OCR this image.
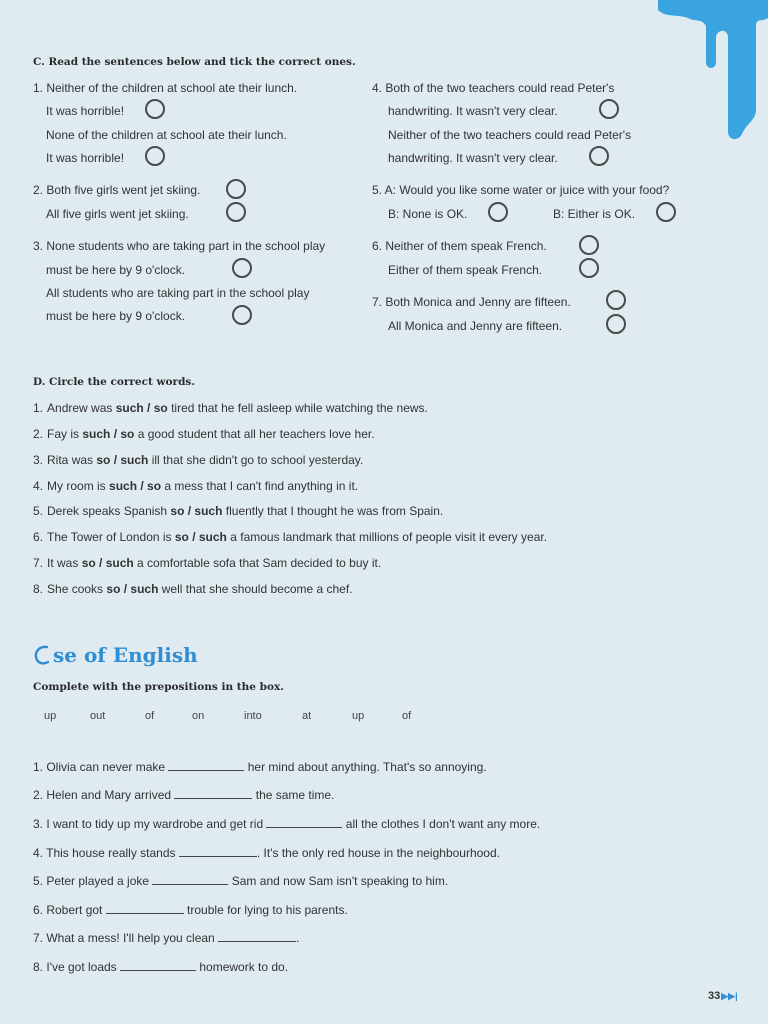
C. Read the sentences below and tick the correct ones.
1. Neither of the children at school ate their lunch.
It was horrible!
None of the children at school ate their lunch.
It was horrible!
2. Both five girls went jet skiing.
All five girls went jet skiing.
3. None students who are taking part in the school play
must be here by 9 o'clock.
All students who are taking part in the school play
must be here by 9 o'clock.
4. Both of the two teachers could read Peter's
handwriting. It wasn't very clear.
Neither of the two teachers could read Peter's
handwriting. It wasn't very clear.
5. A: Would you like some water or juice with your food?
B: None is OK.	B: Either is OK.
6. Neither of them speak French.
Either of them speak French.
7. Both Monica and Jenny are fifteen.
All Monica and Jenny are fifteen.
D. Circle the correct words.
1. Andrew was such / so tired that he fell asleep while watching the news.
2. Fay is such / so a good student that all her teachers love her.
3. Rita was so / such ill that she didn't go to school yesterday.
4. My room is such / so a mess that I can't find anything in it.
5. Derek speaks Spanish so / such fluently that I thought he was from Spain.
6. The Tower of London is so / such a famous landmark that millions of people visit it every year.
7. It was so / such a comfortable sofa that Sam decided to buy it.
8. She cooks so / such well that she should become a chef.
se of English
Complete with the prepositions in the box.
up	out	of	on	into	at	up	of
1. Olivia can never make	her mind about anything. That's so annoying.
2. Helen and Mary arrived	the same time.
3. I want to tidy up my wardrobe and get rid	all the clothes I don't want any more.
4. This house really stands	. It's the only red house in the neighbourhood.
5. Peter played a joke	Sam and now Sam isn't speaking to him.
6. Robert got	trouble for lying to his parents.
7. What a mess! I'll help you clean	.
8. I've got loads	homework to do.
33▶▶|
